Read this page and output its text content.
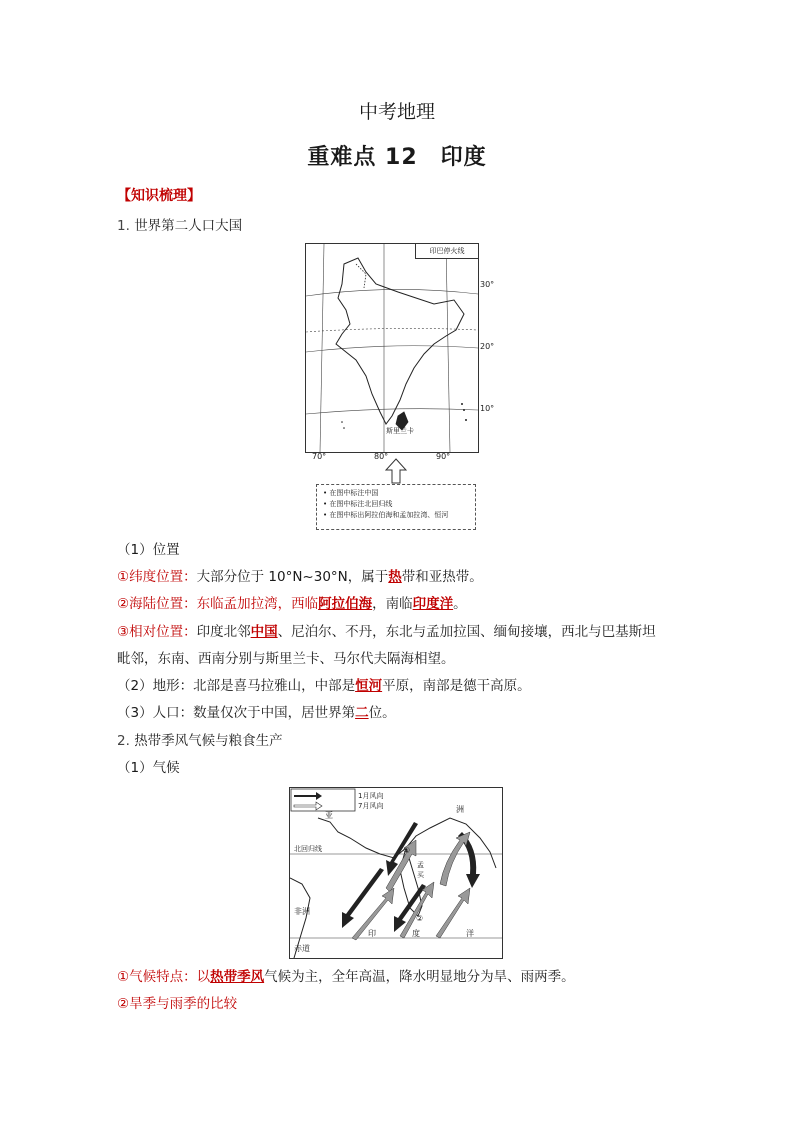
中考地理
重难点 12　印度
【知识梳理】
1. 世界第二人口大国
印巴停火线
30°
20°
10°
70°	80°	90°
斯里兰卡
• 在图中标注中国
• 在图中标注北回归线
• 在图中标出阿拉伯海和孟加拉湾、恒河
（1）位置
①纬度位置：大部分位于 10°N~30°N，属于热带和亚热带。
②海陆位置：东临孟加拉湾，西临阿拉伯海，南临印度洋。
③相对位置：印度北邻中国、尼泊尔、不丹，东北与孟加拉国、缅甸接壤，西北与巴基斯坦
毗邻，东南、西南分别与斯里兰卡、马尔代夫隔海相望。
（2）地形：北部是喜马拉雅山，中部是恒河平原，南部是德干高原。
（3）人口：数量仅次于中国，居世界第二位。
2. 热带季风气候与粮食生产
（1）气候
亚
1月风向
7月风向	洲
北回归线
非洲
赤道
印	度	洋
①
②
孟
买
①气候特点：以热带季风气候为主，全年高温，降水明显地分为旱、雨两季。
②旱季与雨季的比较
